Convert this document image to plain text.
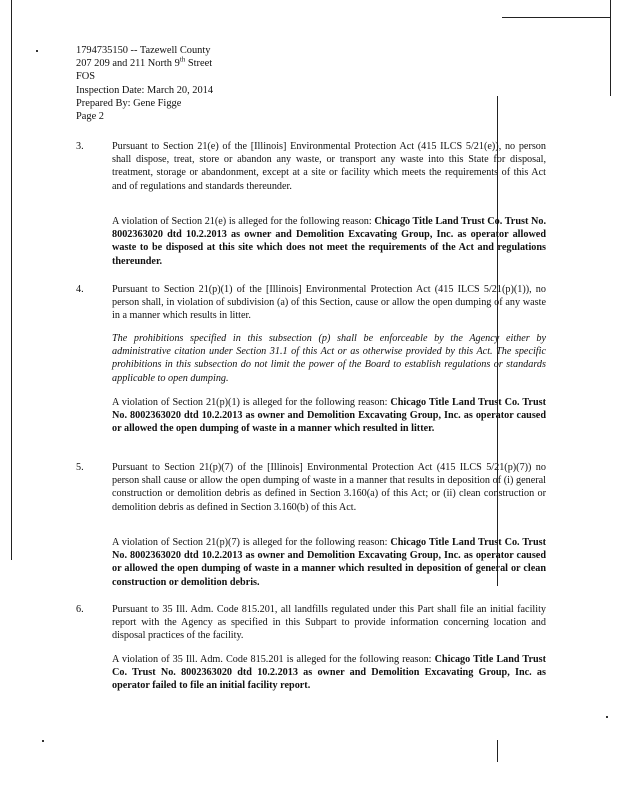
1794735150 -- Tazewell County
207 209 and 211 North 9th Street
FOS
Inspection Date: March 20, 2014
Prepared By: Gene Figge
Page 2
3.	Pursuant to Section 21(e) of the [Illinois] Environmental Protection Act (415 ILCS 5/21(e)), no person shall dispose, treat, store or abandon any waste, or transport any waste into this State for disposal, treatment, storage or abandonment, except at a site or facility which meets the requirements of this Act and of regulations and standards thereunder.
A violation of Section 21(e) is alleged for the following reason: Chicago Title Land Trust Co. Trust No. 8002363020 dtd 10.2.2013 as owner and Demolition Excavating Group, Inc. as operator allowed waste to be disposed at this site which does not meet the requirements of the Act and regulations thereunder.
4.	Pursuant to Section 21(p)(1) of the [Illinois] Environmental Protection Act (415 ILCS 5/21(p)(1)), no person shall, in violation of subdivision (a) of this Section, cause or allow the open dumping of any waste in a manner which results in litter.
The prohibitions specified in this subsection (p) shall be enforceable by the Agency either by administrative citation under Section 31.1 of this Act or as otherwise provided by this Act. The specific prohibitions in this subsection do not limit the power of the Board to establish regulations or standards applicable to open dumping.
A violation of Section 21(p)(1) is alleged for the following reason: Chicago Title Land Trust Co. Trust No. 8002363020 dtd 10.2.2013 as owner and Demolition Excavating Group, Inc. as operator caused or allowed the open dumping of waste in a manner which resulted in litter.
5.	Pursuant to Section 21(p)(7) of the [Illinois] Environmental Protection Act (415 ILCS 5/21(p)(7)) no person shall cause or allow the open dumping of waste in a manner that results in deposition of (i) general construction or demolition debris as defined in Section 3.160(a) of this Act; or (ii) clean construction or demolition debris as defined in Section 3.160(b) of this Act.
A violation of Section 21(p)(7) is alleged for the following reason: Chicago Title Land Trust Co. Trust No. 8002363020 dtd 10.2.2013 as owner and Demolition Excavating Group, Inc. as operator caused or allowed the open dumping of waste in a manner which resulted in deposition of general or clean construction or demolition debris.
6.	Pursuant to 35 Ill. Adm. Code 815.201, all landfills regulated under this Part shall file an initial facility report with the Agency as specified in this Subpart to provide information concerning location and disposal practices of the facility.
A violation of 35 Ill. Adm. Code 815.201 is alleged for the following reason: Chicago Title Land Trust Co. Trust No. 8002363020 dtd 10.2.2013 as owner and Demolition Excavating Group, Inc. as operator failed to file an initial facility report.
